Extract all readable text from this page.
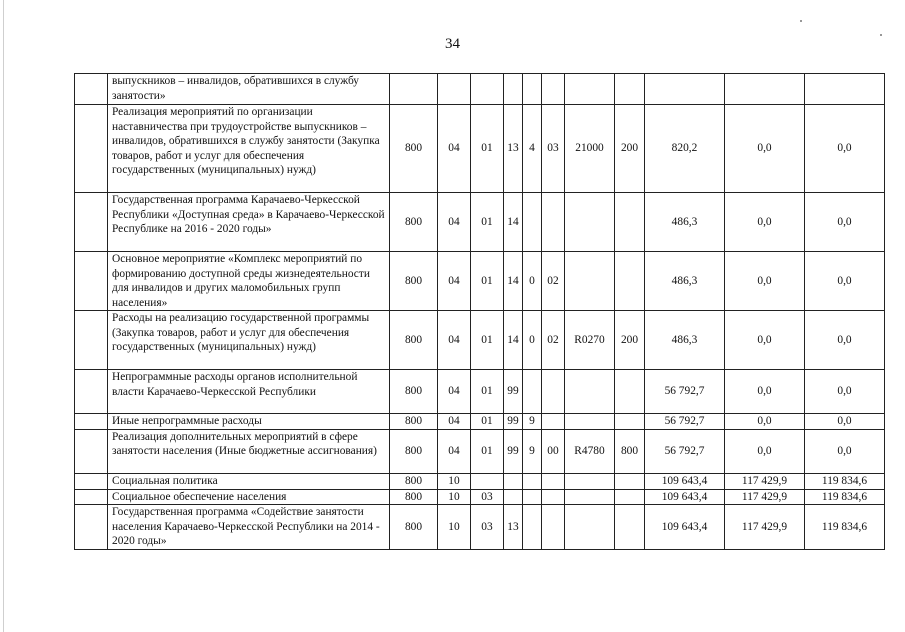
34
	выпускников – инвалидов, обратившихся в службу занятости»											
	Реализация мероприятий по организации наставничества при трудоустройстве выпускников – инвалидов, обратившихся в службу занятости (Закупка товаров, работ и услуг для обеспечения государственных (муниципальных) нужд)	800	04	01	13	4	03	21000	200	820,2	0,0	0,0
	Государственная программа Карачаево-Черкесской Республики «Доступная среда» в Карачаево-Черкесской Республике на 2016 - 2020 годы»	800	04	01	14					486,3	0,0	0,0
	Основное мероприятие «Комплекс мероприятий по формированию доступной среды жизнедеятельности для инвалидов и других маломобильных групп населения»	800	04	01	14	0	02			486,3	0,0	0,0
	Расходы на реализацию государственной программы (Закупка товаров, работ и услуг для обеспечения государственных (муниципальных) нужд)	800	04	01	14	0	02	R0270	200	486,3	0,0	0,0
	Непрограммные расходы органов исполнительной власти Карачаево-Черкесской Республики	800	04	01	99					56 792,7	0,0	0,0
	Иные непрограммные расходы	800	04	01	99	9				56 792,7	0,0	0,0
	Реализация дополнительных мероприятий в сфере занятости населения (Иные бюджетные ассигнования)	800	04	01	99	9	00	R4780	800	56 792,7	0,0	0,0
	Социальная политика	800	10							109 643,4	117 429,9	119 834,6
	Социальное обеспечение населения	800	10	03						109 643,4	117 429,9	119 834,6
	Государственная программа «Содействие занятости населения Карачаево-Черкесской Республики на 2014 - 2020 годы»	800	10	03	13					109 643,4	117 429,9	119 834,6
